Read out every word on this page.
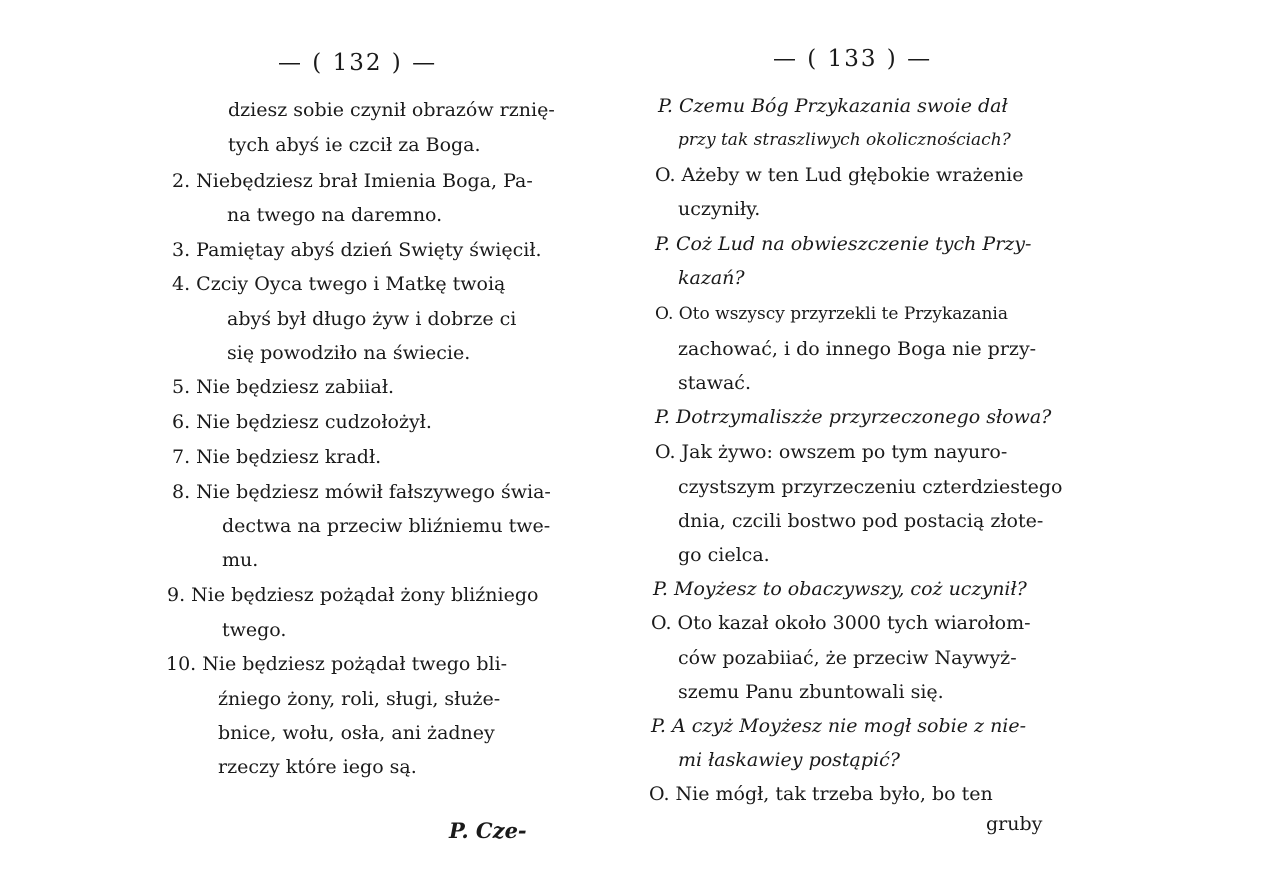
— ( 132 ) —
dziesz sobie czynił obrazów rznię-
tych abyś ie czcił za Boga.
2. Niebędziesz brał Imienia Boga, Pa-
na twego na daremno.
3. Pamiętay abyś dzień Swięty święcił.
4. Czciy Oyca twego i Matkę twoią
abyś był długo żyw i dobrze ci
się powodziło na świecie.
5. Nie będziesz zabiiał.
6. Nie będziesz cudzołożył.
7. Nie będziesz kradł.
8. Nie będziesz mówił fałszywego świa-
dectwa na przeciw bliźniemu twe-
mu.
9. Nie będziesz pożądał żony bliźniego
twego.
10. Nie będziesz pożądał twego bli-
źniego żony, roli, sługi, służe-
bnice, wołu, osła, ani żadney
rzeczy które iego są.
P. Cze-
— ( 133 ) —
P. Czemu Bóg Przykazania swoie dał
przy tak straszliwych okolicznościach?
O. Ażeby w ten Lud głębokie wrażenie
uczyniły.
P. Coż Lud na obwieszczenie tych Przy-
kazań?
O. Oto wszyscy przyrzekli te Przykazania
zachować, i do innego Boga nie przy-
stawać.
P. Dotrzymaliszże przyrzeczonego słowa?
O. Jak żywo: owszem po tym nayuro-
czystszym przyrzeczeniu czterdziestego
dnia, czcili bostwo pod postacią złote-
go cielca.
P. Moyżesz to obaczywszy, coż uczynił?
O. Oto kazał około 3000 tych wiarołom-
ców pozabiiać, że przeciw Naywyż-
szemu Panu zbuntowali się.
P. A czyż Moyżesz nie mogł sobie z nie-
mi łaskawiey postąpić?
O. Nie mógł, tak trzeba było, bo ten
gruby
